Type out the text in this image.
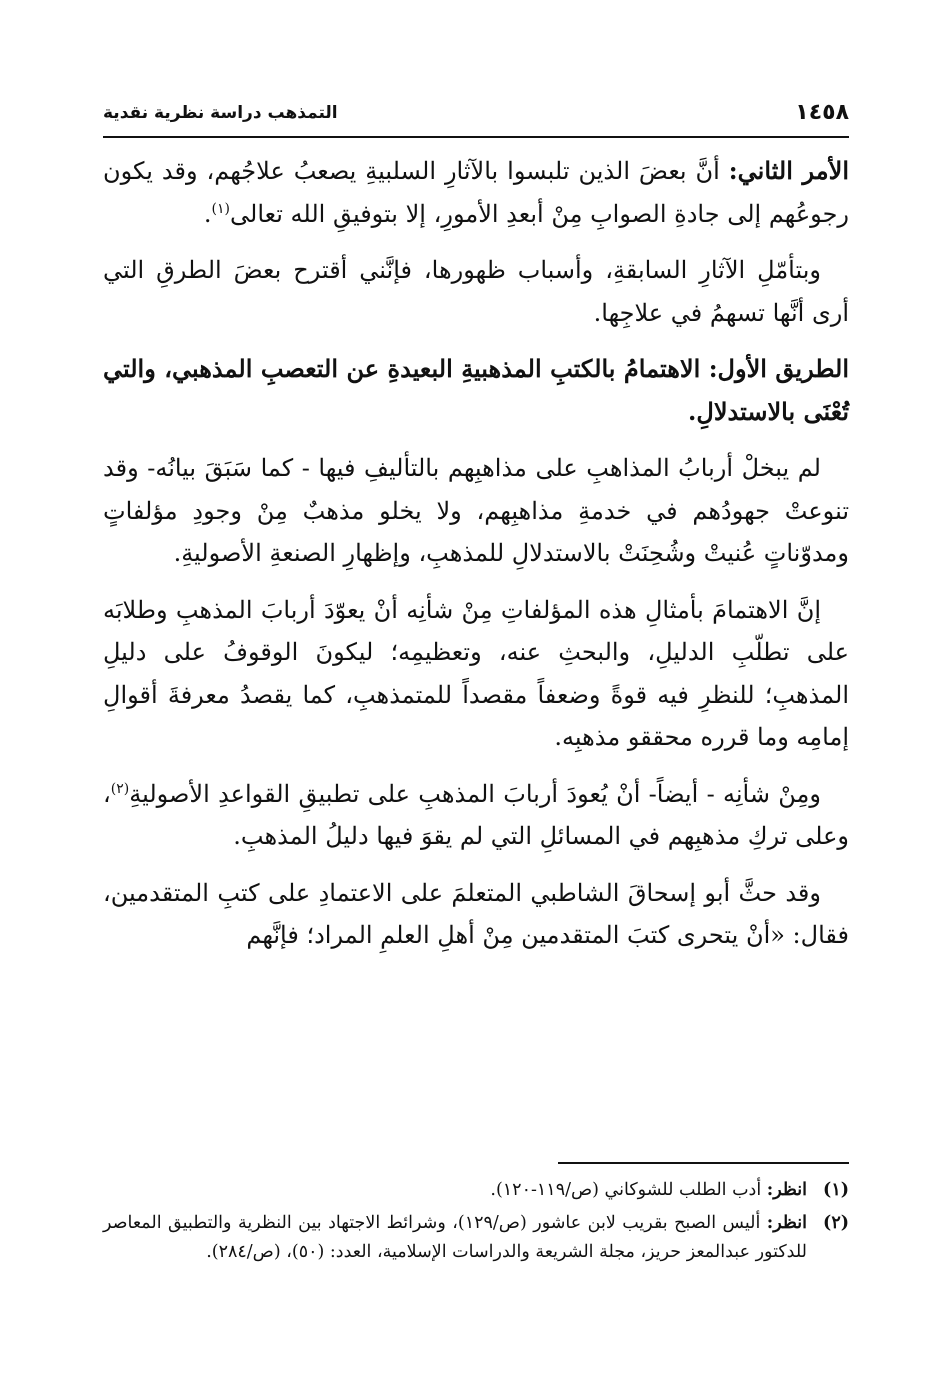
١٤٥٨
التمذهب دراسة نظرية نقدية

الأمر الثاني: أنَّ بعضَ الذين تلبسوا بالآثارِ السلبيةِ يصعبُ علاجُهم، وقد يكون رجوعُهم إلى جادةِ الصوابِ مِنْ أبعدِ الأمورِ، إلا بتوفيقِ الله تعالى$^{(١)}$.

وبتأمّلِ الآثارِ السابقةِ، وأسباب ظهورها، فإنَّني أقترح بعضَ الطرقِ التي أرى أنَّها تسهمُ في علاجِها.

الطريق الأول: الاهتمامُ بالكتبِ المذهبيةِ البعيدةِ عن التعصبِ المذهبي، والتي تُعْنَى بالاستدلالِ.

لم يبخلْ أربابُ المذاهبِ على مذاهبِهم بالتأليفِ فيها - كما سَبَقَ بيانُه- وقد تنوعتْ جهودُهم في خدمةِ مذاهبِهم، ولا يخلو مذهبٌ مِنْ وجودِ مؤلفاتٍ ومدوّناتٍ عُنيتْ وشُحِنَتْ بالاستدلالِ للمذهبِ، وإظهارِ الصنعةِ الأصوليةِ.

إنَّ الاهتمامَ بأمثالِ هذه المؤلفاتِ مِنْ شأنِه أنْ يعوّدَ أربابَ المذهبِ وطلابَه على تطلّبِ الدليلِ، والبحثِ عنه، وتعظيمِه؛ ليكونَ الوقوفُ على دليلِ المذهبِ؛ للنظرِ فيه قوةً وضعفاً مقصداً للمتمذهبِ، كما يقصدُ معرفةَ أقوالِ إمامِه وما قرره محققو مذهبِه.

ومِنْ شأنِه - أيضاً- أنْ يُعودَ أربابَ المذهبِ على تطبيقِ القواعدِ الأصوليةِ$^{(٢)}$، وعلى تركِ مذهبِهم في المسائلِ التي لم يقوَ فيها دليلُ المذهبِ.

وقد حثَّ أبو إسحاقَ الشاطبي المتعلمَ على الاعتمادِ على كتبِ المتقدمين، فقال: «أنْ يتحرى كتبَ المتقدمين مِنْ أهلِ العلمِ المراد؛ فإنَّهم

(١)
انظر: أدب الطلب للشوكاني (ص/١١٩-١٢٠).
(٢)
انظر: أليس الصبح بقريب لابن عاشور (ص/١٢٩)، وشرائط الاجتهاد بين النظرية والتطبيق المعاصر للدكتور عبدالمعز حريز، مجلة الشريعة والدراسات الإسلامية، العدد: (٥٠)، (ص/٢٨٤).
